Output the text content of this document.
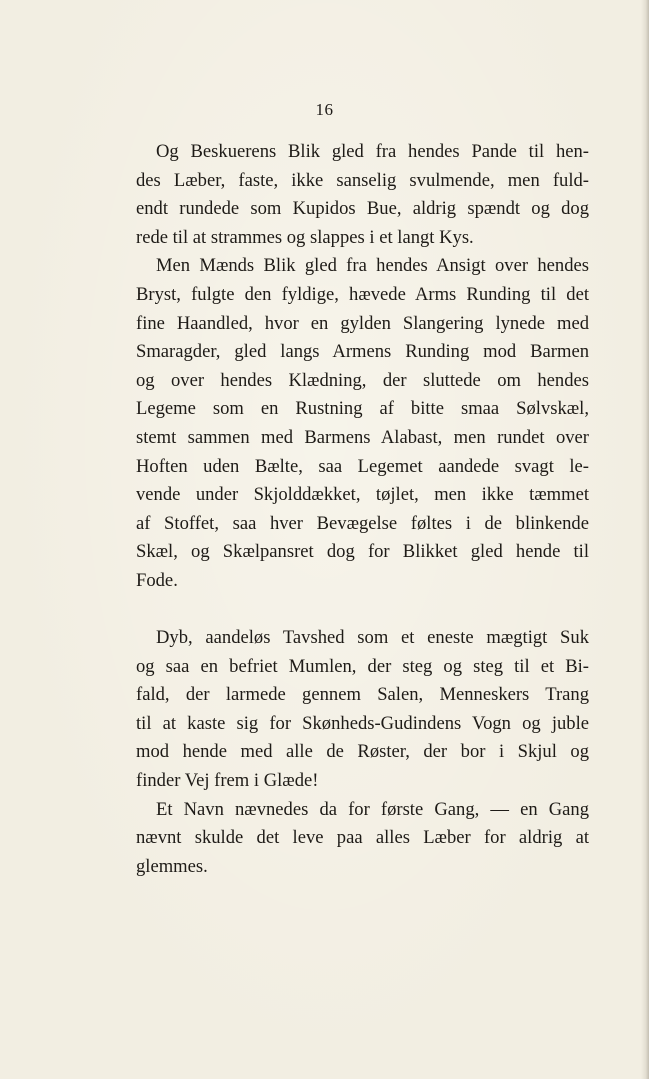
16

Og Beskuerens Blik gled fra hendes Pande til hen-
des Læber, faste, ikke sanselig svulmende, men fuld-
endt rundede som Kupidos Bue, aldrig spændt og dog
rede til at strammes og slappes i et langt Kys.

Men Mænds Blik gled fra hendes Ansigt over hendes
Bryst, fulgte den fyldige, hævede Arms Runding til det
fine Haandled, hvor en gylden Slangering lynede med
Smaragder, gled langs Armens Runding mod Barmen
og over hendes Klædning, der sluttede om hendes
Legeme som en Rustning af bitte smaa Sølvskæl,
stemt sammen med Barmens Alabast, men rundet over
Hoften uden Bælte, saa Legemet aandede svagt le-
vende under Skjolddækket, tøjlet, men ikke tæmmet
af Stoffet, saa hver Bevægelse føltes i de blinkende
Skæl, og Skælpansret dog for Blikket gled hende til
Fode.

Dyb, aandeløs Tavshed som et eneste mægtigt Suk
og saa en befriet Mumlen, der steg og steg til et Bi-
fald, der larmede gennem Salen, Menneskers Trang
til at kaste sig for Skønheds-Gudindens Vogn og juble
mod hende med alle de Røster, der bor i Skjul og
finder Vej frem i Glæde!

Et Navn nævnedes da for første Gang, — en Gang
nævnt skulde det leve paa alles Læber for aldrig at
glemmes.
